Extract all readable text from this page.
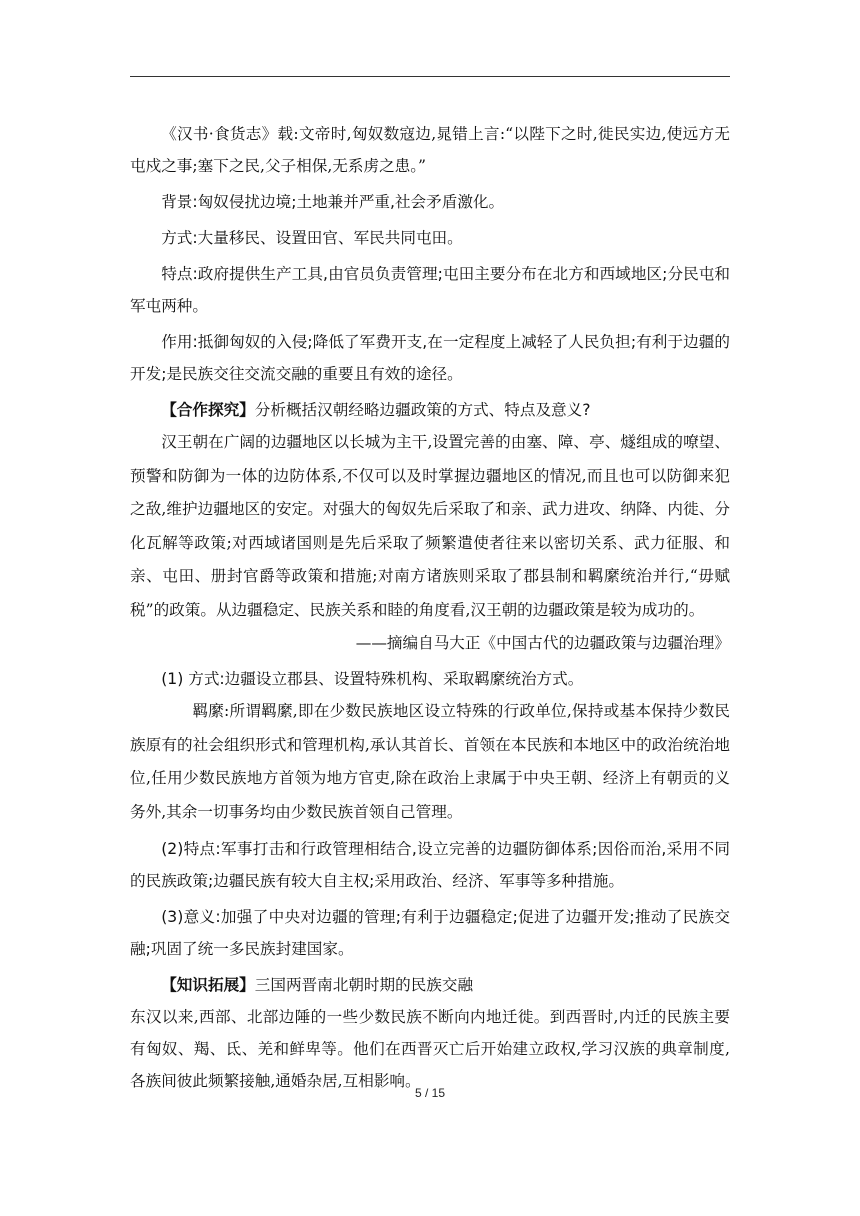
《汉书·食货志》载:文帝时,匈奴数寇边,晁错上言:“以陛下之时,徙民实边,使远方无屯戍之事;塞下之民,父子相保,无系虏之患。”

背景:匈奴侵扰边境;土地兼并严重,社会矛盾激化。

方式:大量移民、设置田官、军民共同屯田。

特点:政府提供生产工具,由官员负责管理;屯田主要分布在北方和西域地区;分民屯和军屯两种。

作用:抵御匈奴的入侵;降低了军费开支,在一定程度上减轻了人民负担;有利于边疆的开发;是民族交往交流交融的重要且有效的途径。

【合作探究】分析概括汉朝经略边疆政策的方式、特点及意义?

汉王朝在广阔的边疆地区以长城为主干,设置完善的由塞、障、亭、燧组成的嘹望、预警和防御为一体的边防体系,不仅可以及时掌握边疆地区的情况,而且也可以防御来犯之敌,维护边疆地区的安定。对强大的匈奴先后采取了和亲、武力进攻、纳降、内徙、分化瓦解等政策;对西域诸国则是先后采取了频繁遣使者往来以密切关系、武力征服、和亲、屯田、册封官爵等政策和措施;对南方诸族则采取了郡县制和羁縻统治并行,“毋赋税”的政策。从边疆稳定、民族关系和睦的角度看,汉王朝的边疆政策是较为成功的。

——摘编自马大正《中国古代的边疆政策与边疆治理》

(1) 方式:边疆设立郡县、设置特殊机构、采取羁縻统治方式。

羁縻:所谓羁縻,即在少数民族地区设立特殊的行政单位,保持或基本保持少数民族原有的社会组织形式和管理机构,承认其首长、首领在本民族和本地区中的政治统治地位,任用少数民族地方首领为地方官吏,除在政治上隶属于中央王朝、经济上有朝贡的义务外,其余一切事务均由少数民族首领自己管理。

(2)特点:军事打击和行政管理相结合,设立完善的边疆防御体系;因俗而治,采用不同的民族政策;边疆民族有较大自主权;采用政治、经济、军事等多种措施。

(3)意义:加强了中央对边疆的管理;有利于边疆稳定;促进了边疆开发;推动了民族交融;巩固了统一多民族封建国家。

【知识拓展】三国两晋南北朝时期的民族交融

东汉以来,西部、北部边陲的一些少数民族不断向内地迁徙。到西晋时,内迁的民族主要有匈奴、羯、氐、羌和鲜卑等。他们在西晋灭亡后开始建立政权,学习汉族的典章制度,各族间彼此频繁接触,通婚杂居,互相影响。

5 / 15
